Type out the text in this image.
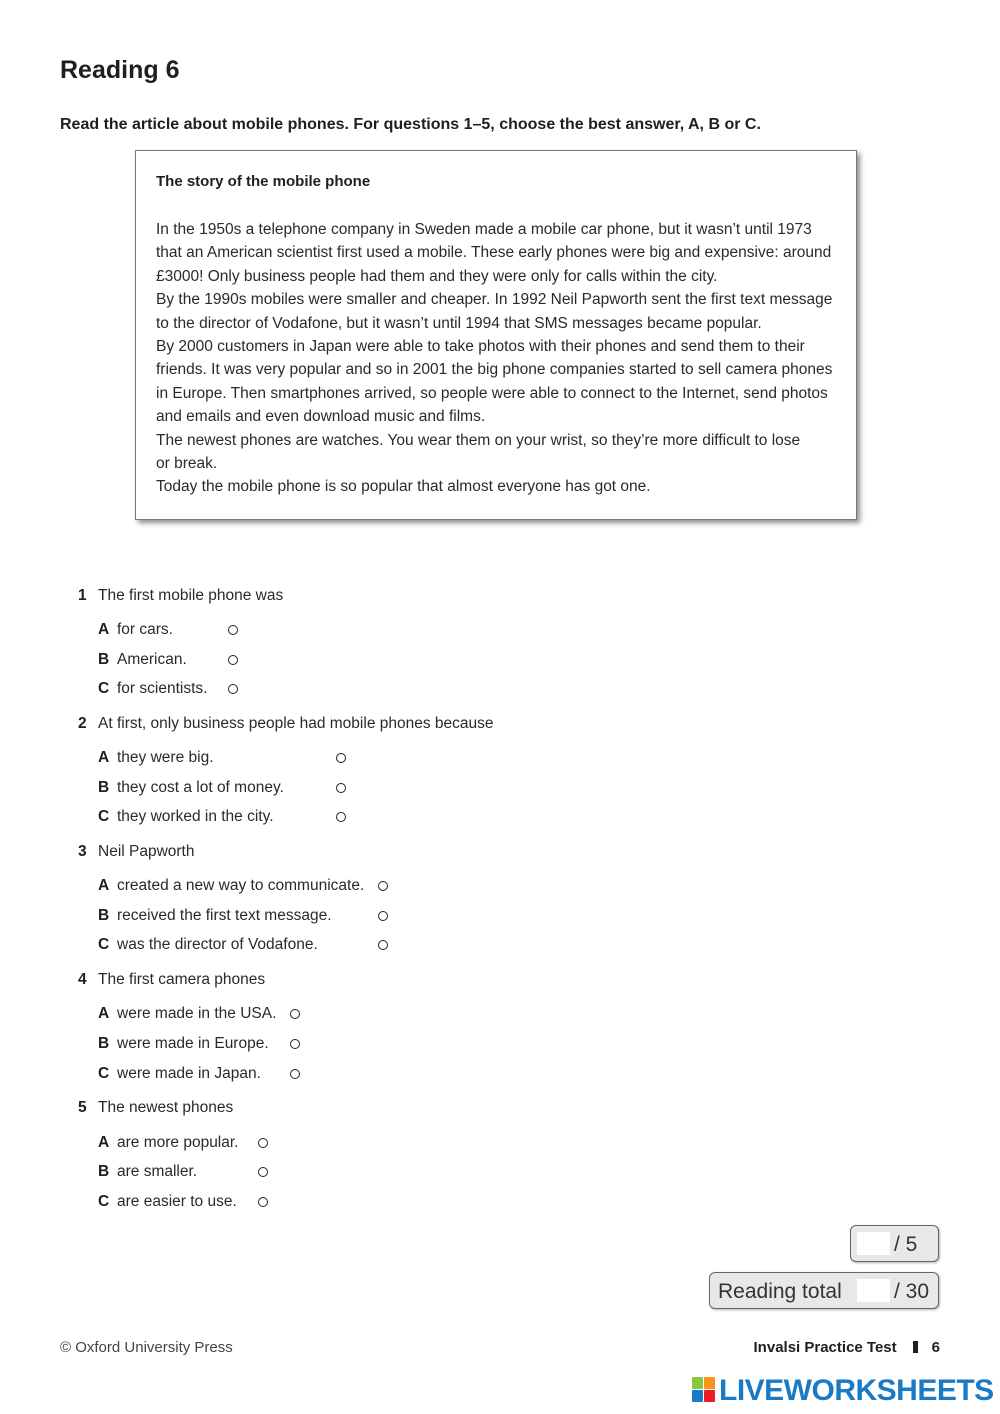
Reading 6
Read the article about mobile phones. For questions 1–5, choose the best answer, A, B or C.
The story of the mobile phone
In the 1950s a telephone company in Sweden made a mobile car phone, but it wasn’t until 1973
that an American scientist first used a mobile. These early phones were big and expensive: around
£3000! Only business people had them and they were only for calls within the city.
By the 1990s mobiles were smaller and cheaper. In 1992 Neil Papworth sent the first text message
to the director of Vodafone, but it wasn’t until 1994 that SMS messages became popular.
By 2000 customers in Japan were able to take photos with their phones and send them to their
friends. It was very popular and so in 2001 the big phone companies started to sell camera phones
in Europe. Then smartphones arrived, so people were able to connect to the Internet, send photos
and emails and even download music and films.
The newest phones are watches. You wear them on your wrist, so they’re more difficult to lose
or break.
Today the mobile phone is so popular that almost everyone has got one.
1 The first mobile phone was
A for cars.
B American.
C for scientists.
2 At first, only business people had mobile phones because
A they were big.
B they cost a lot of money.
C they worked in the city.
3 Neil Papworth
A created a new way to communicate.
B received the first text message.
C was the director of Vodafone.
4 The first camera phones
A were made in the USA.
B were made in Europe.
C were made in Japan.
5 The newest phones
A are more popular.
B are smaller.
C are easier to use.
/ 5
Reading total / 30
© Oxford University Press	Invalsi Practice Test 6
LIVEWORKSHEETS
